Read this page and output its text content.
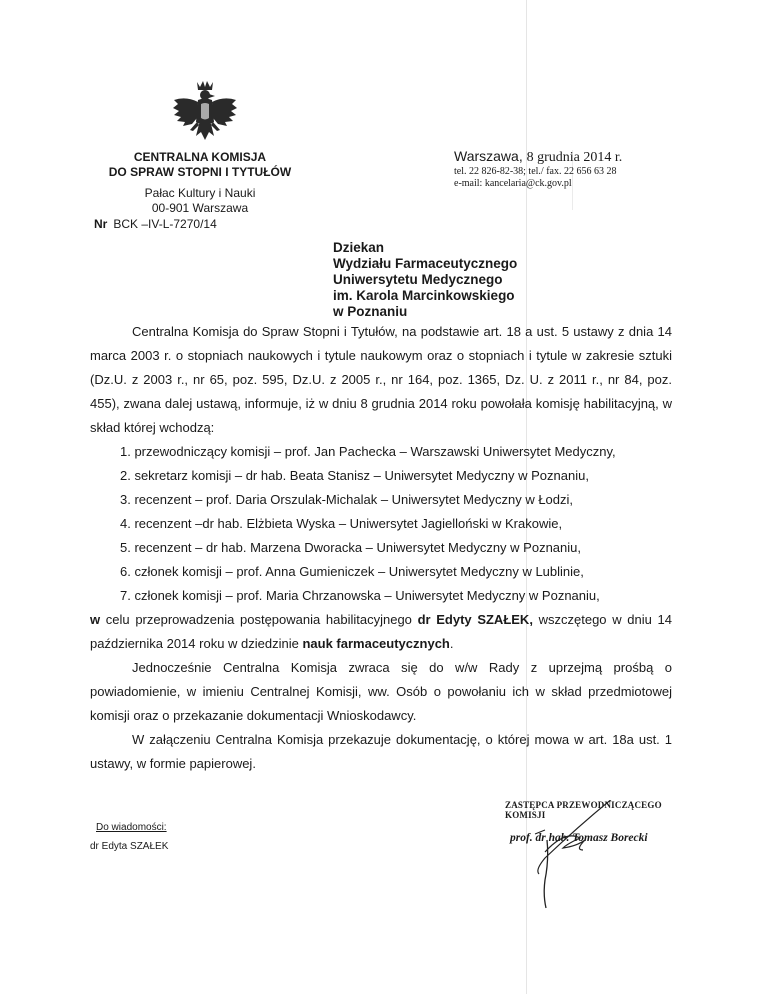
CENTRALNA KOMISJA
DO SPRAW STOPNI I TYTUŁÓW
Pałac Kultury i Nauki
00-901 Warszawa
Nr BCK –IV-L-7270/14
Warszawa, 8 grudnia 2014 r.
tel. 22 826-82-38; tel./ fax. 22 656 63 28
e-mail: kancelaria@ck.gov.pl
Dziekan
Wydziału Farmaceutycznego
Uniwersytetu Medycznego
im. Karola Marcinkowskiego
w Poznaniu
Centralna Komisja do Spraw Stopni i Tytułów, na podstawie art. 18 a ust. 5 ustawy z dnia 14 marca 2003 r. o stopniach naukowych i tytule naukowym oraz o stopniach i tytule w zakresie sztuki (Dz.U. z 2003 r., nr 65, poz. 595, Dz.U. z 2005 r., nr 164, poz. 1365, Dz. U. z 2011 r., nr 84, poz. 455), zwana dalej ustawą, informuje, iż w dniu 8 grudnia 2014 roku powołała komisję habilitacyjną, w skład której wchodzą:
1. przewodniczący komisji – prof. Jan Pachecka – Warszawski Uniwersytet Medyczny,
2. sekretarz komisji – dr hab. Beata Stanisz – Uniwersytet Medyczny w Poznaniu,
3. recenzent – prof. Daria Orszulak-Michalak – Uniwersytet Medyczny w Łodzi,
4. recenzent –dr hab. Elżbieta Wyska – Uniwersytet Jagielloński w Krakowie,
5. recenzent – dr hab. Marzena Dworacka – Uniwersytet Medyczny w Poznaniu,
6. członek komisji – prof. Anna Gumieniczek – Uniwersytet Medyczny w Lublinie,
7. członek komisji – prof. Maria Chrzanowska – Uniwersytet Medyczny w Poznaniu,
w celu przeprowadzenia postępowania habilitacyjnego dr Edyty SZAŁEK, wszczętego w dniu 14 października 2014 roku w dziedzinie nauk farmaceutycznych.
Jednocześnie Centralna Komisja zwraca się do w/w Rady z uprzejmą prośbą o powiadomienie, w imieniu Centralnej Komisji, ww. Osób o powołaniu ich w skład przedmiotowej komisji oraz o przekazanie dokumentacji Wnioskodawcy.
W załączeniu Centralna Komisja przekazuje dokumentację, o której mowa w art. 18a ust. 1 ustawy, w formie papierowej.
ZASTĘPCA PRZEWODNICZĄCEGO KOMISJI
prof. dr hab. Tomasz Borecki
Do wiadomości:
dr Edyta SZAŁEK
